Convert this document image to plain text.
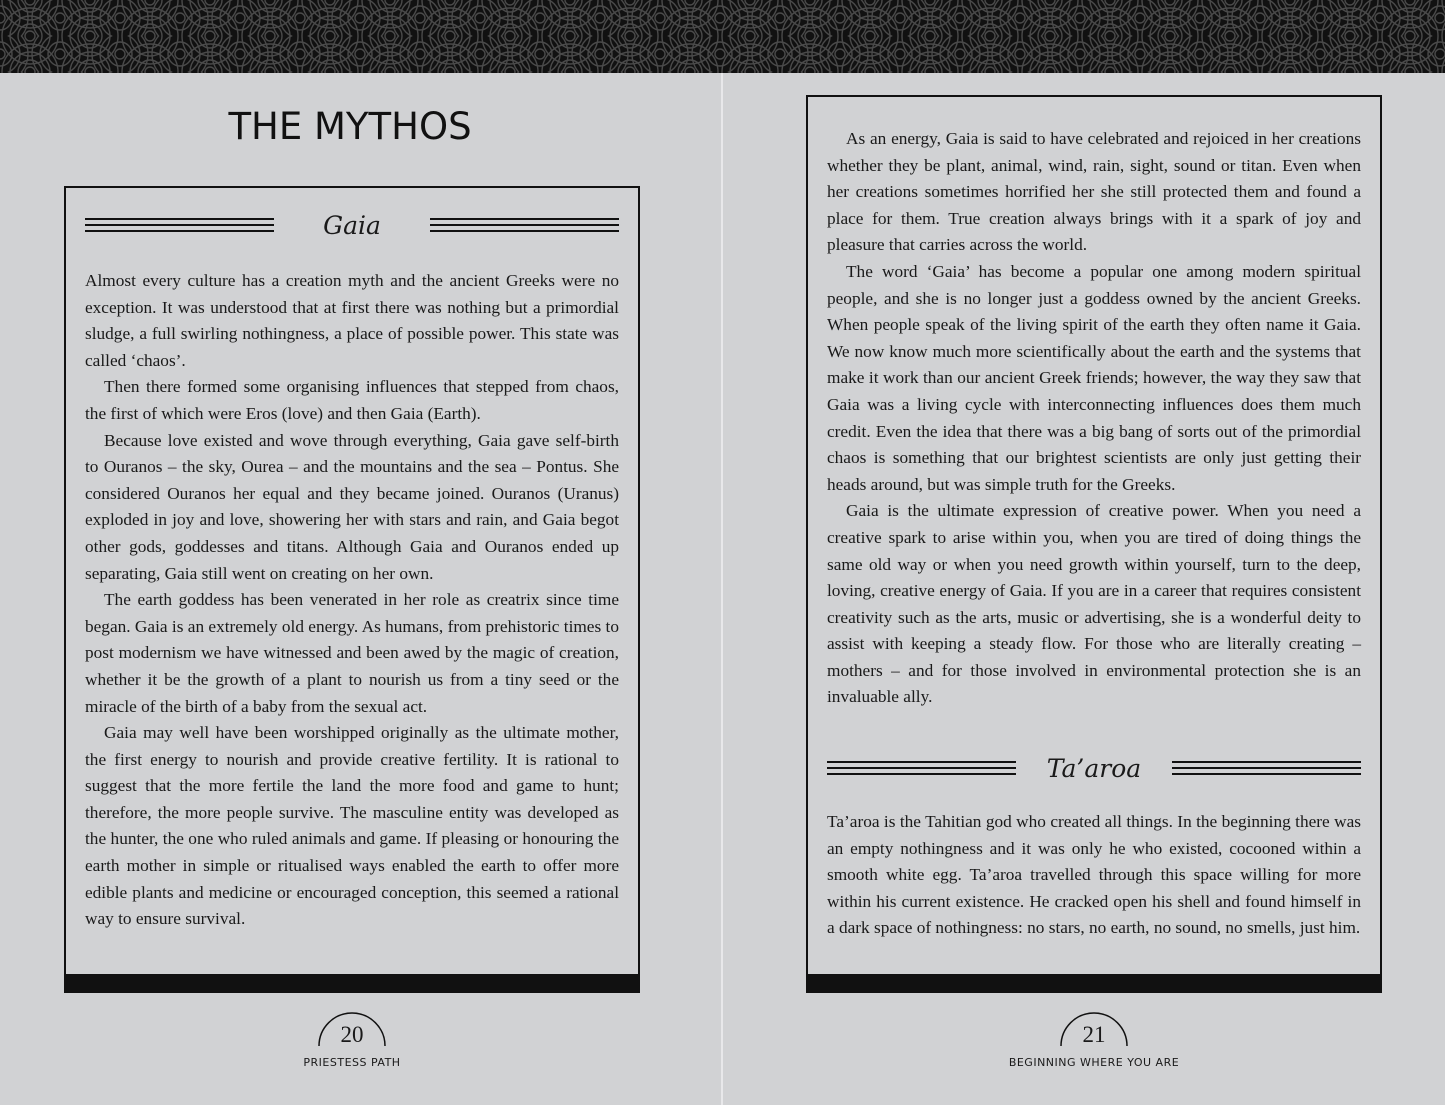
THE MYTHOS
Gaia

Almost every culture has a creation myth and the ancient Greeks were no exception. It was understood that at first there was nothing but a primordial sludge, a full swirling nothingness, a place of possible power. This state was called ‘chaos’.

Then there formed some organising influences that stepped from chaos, the first of which were Eros (love) and then Gaia (Earth).

Because love existed and wove through everything, Gaia gave self-birth to Ouranos – the sky, Ourea – and the mountains and the sea – Pontus. She considered Ouranos her equal and they became joined. Ouranos (Uranus) exploded in joy and love, showering her with stars and rain, and Gaia begot other gods, goddesses and titans. Although Gaia and Ouranos ended up separating, Gaia still went on creating on her own.

The earth goddess has been venerated in her role as creatrix since time began. Gaia is an extremely old energy. As humans, from prehistoric times to post modernism we have witnessed and been awed by the magic of creation, whether it be the growth of a plant to nourish us from a tiny seed or the miracle of the birth of a baby from the sexual act.

Gaia may well have been worshipped originally as the ultimate mother, the first energy to nourish and provide creative fertility. It is rational to suggest that the more fertile the land the more food and game to hunt; therefore, the more people survive. The masculine entity was developed as the hunter, the one who ruled animals and game. If pleasing or honouring the earth mother in simple or ritualised ways enabled the earth to offer more edible plants and medicine or encouraged conception, this seemed a rational way to ensure survival.

20
PRIESTESS PATH

As an energy, Gaia is said to have celebrated and rejoiced in her creations whether they be plant, animal, wind, rain, sight, sound or titan. Even when her creations sometimes horrified her she still protected them and found a place for them. True creation always brings with it a spark of joy and pleasure that carries across the world.

The word ‘Gaia’ has become a popular one among modern spiritual people, and she is no longer just a goddess owned by the ancient Greeks. When people speak of the living spirit of the earth they often name it Gaia. We now know much more scientifically about the earth and the systems that make it work than our ancient Greek friends; however, the way they saw that Gaia was a living cycle with interconnecting influences does them much credit. Even the idea that there was a big bang of sorts out of the primordial chaos is something that our brightest scientists are only just getting their heads around, but was simple truth for the Greeks.

Gaia is the ultimate expression of creative power. When you need a creative spark to arise within you, when you are tired of doing things the same old way or when you need growth within yourself, turn to the deep, loving, creative energy of Gaia. If you are in a career that requires consistent creativity such as the arts, music or advertising, she is a wonderful deity to assist with keeping a steady flow. For those who are literally creating – mothers – and for those involved in environmental protection she is an invaluable ally.

Ta’aroa

Ta’aroa is the Tahitian god who created all things. In the beginning there was an empty nothingness and it was only he who existed, cocooned within a smooth white egg. Ta’aroa travelled through this space willing for more within his current existence. He cracked open his shell and found himself in a dark space of nothingness: no stars, no earth, no sound, no smells, just him.

21
BEGINNING WHERE YOU ARE
